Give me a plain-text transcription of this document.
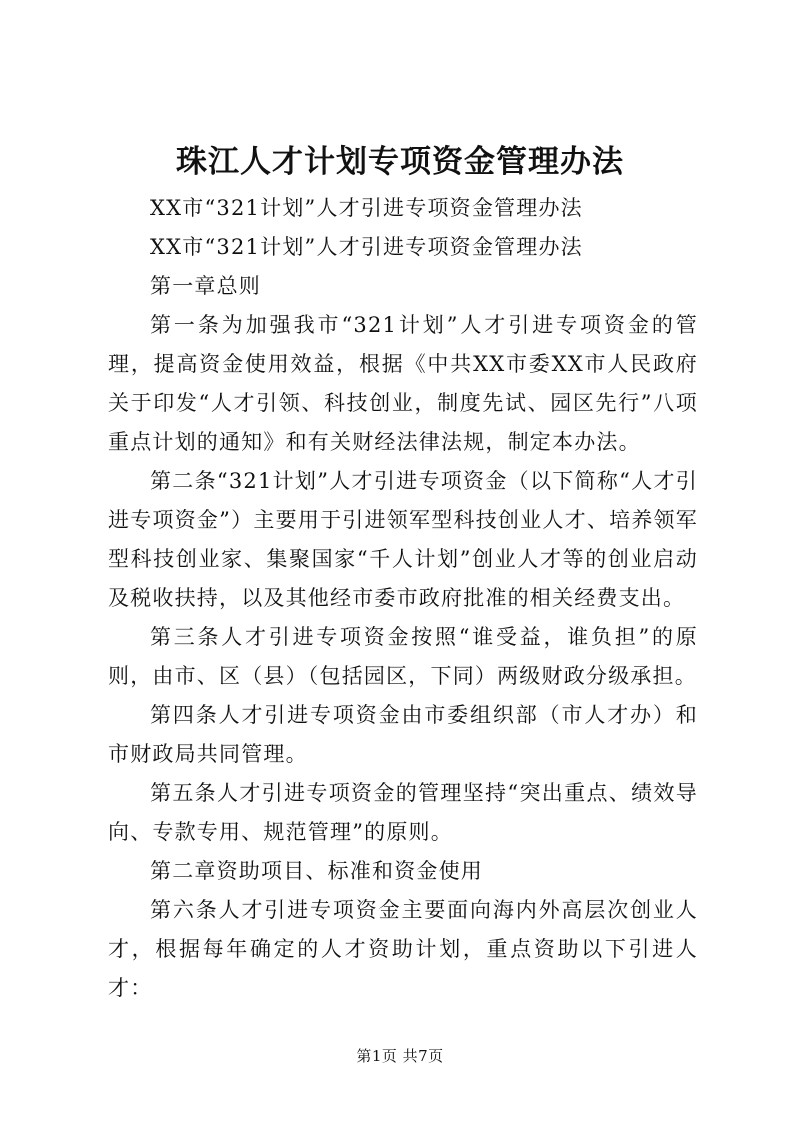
珠江人才计划专项资金管理办法

XX市“321计划”人才引进专项资金管理办法

XX市“321计划”人才引进专项资金管理办法

第一章总则

第一条为加强我市“321计划”人才引进专项资金的管理，提高资金使用效益，根据《中共XX市委XX市人民政府关于印发“人才引领、科技创业，制度先试、园区先行”八项重点计划的通知》和有关财经法律法规，制定本办法。

第二条“321计划”人才引进专项资金（以下简称“人才引进专项资金”）主要用于引进领军型科技创业人才、培养领军型科技创业家、集聚国家“千人计划”创业人才等的创业启动及税收扶持，以及其他经市委市政府批准的相关经费支出。

第三条人才引进专项资金按照“谁受益，谁负担”的原则，由市、区（县）（包括园区，下同）两级财政分级承担。

第四条人才引进专项资金由市委组织部（市人才办）和市财政局共同管理。

第五条人才引进专项资金的管理坚持“突出重点、绩效导向、专款专用、规范管理”的原则。

第二章资助项目、标准和资金使用

第六条人才引进专项资金主要面向海内外高层次创业人才，根据每年确定的人才资助计划，重点资助以下引进人才：

第1页 共7页
